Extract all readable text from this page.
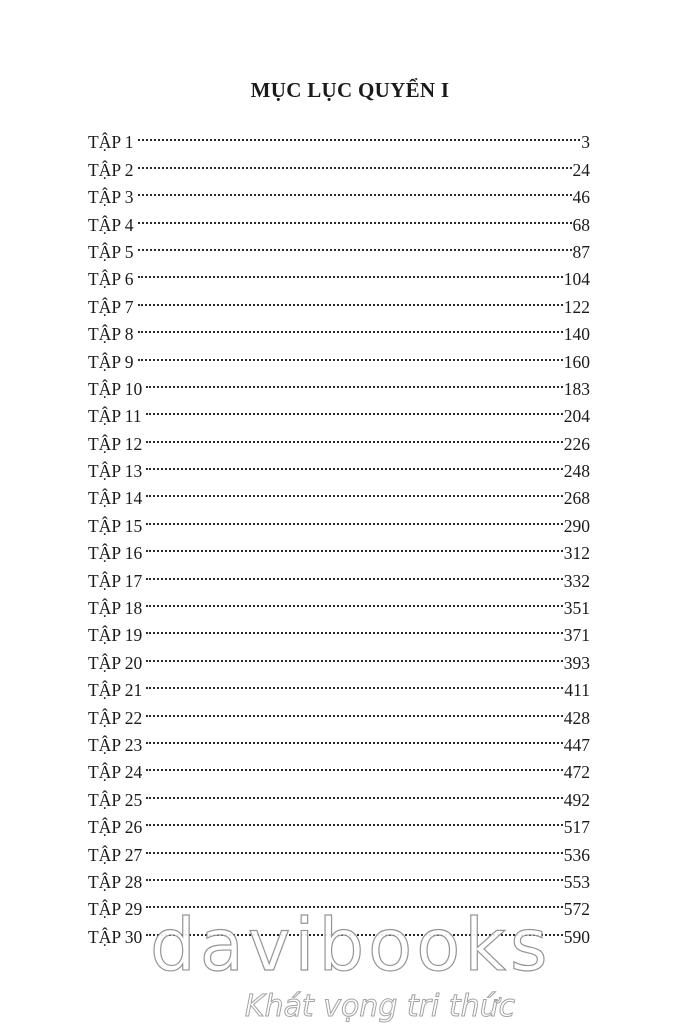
MỤC LỤC QUYỂN I
TẬP 1	3
TẬP 2	24
TẬP 3	46
TẬP 4	68
TẬP 5	87
TẬP 6	104
TẬP 7	122
TẬP 8	140
TẬP 9	160
TẬP 10	183
TẬP 11	204
TẬP 12	226
TẬP 13	248
TẬP 14	268
TẬP 15	290
TẬP 16	312
TẬP 17	332
TẬP 18	351
TẬP 19	371
TẬP 20	393
TẬP 21	411
TẬP 22	428
TẬP 23	447
TẬP 24	472
TẬP 25	492
TẬP 26	517
TẬP 27	536
TẬP 28	553
TẬP 29	572
TẬP 30	590
davibooks
Khát vọng tri thức
